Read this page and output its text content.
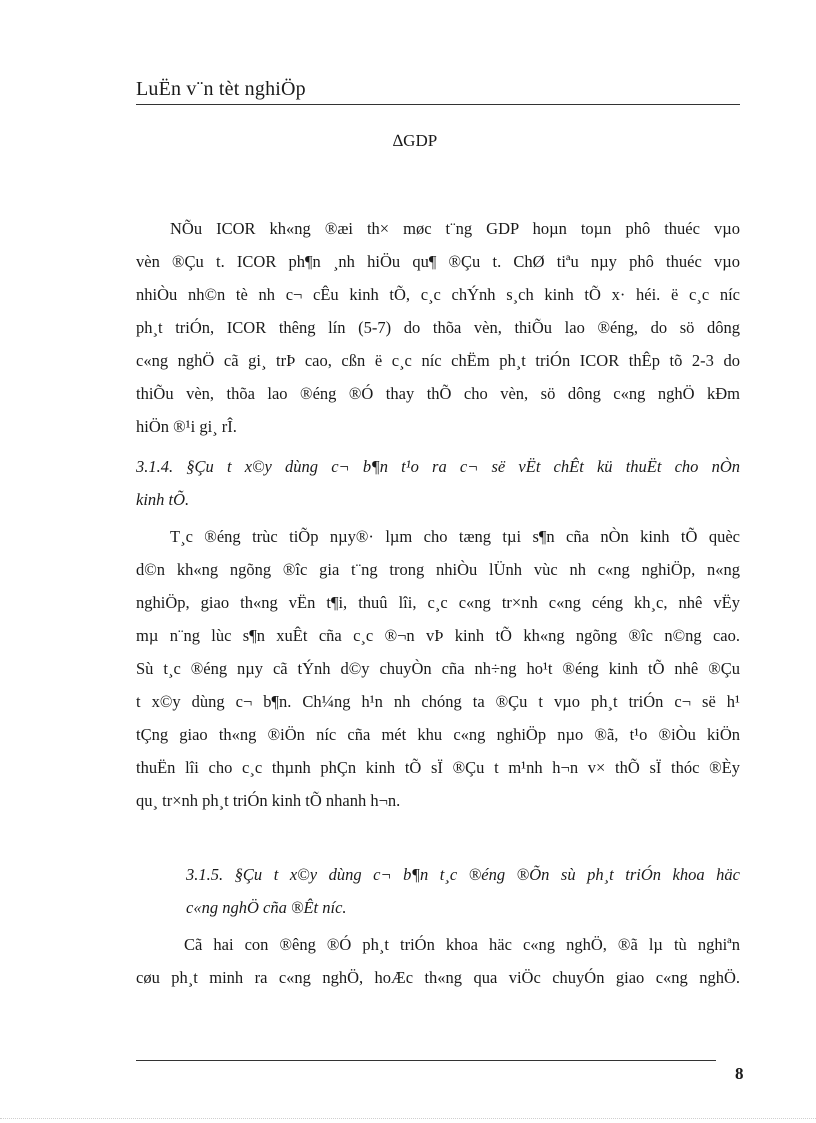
LuËn v¨n tèt nghiÖp
∆GDP
NÕu ICOR kh«ng ®æi th× møc t¨ng GDP hoµn toµn phô thuéc vµo
vèn ®Çu t. ICOR ph¶n ¸nh hiÖu qu¶ ®Çu t. ChØ tiªu nµy phô thuéc vµo
nhiÒu nh©n tè nh c¬ cÊu kinh tÕ, c¸c chÝnh s¸ch kinh tÕ x· héi. ë c¸c níc
ph¸t triÓn, ICOR thêng lín (5-7) do thõa vèn, thiÕu lao ®éng, do sö dông
c«ng nghÖ cã gi¸ trÞ cao, cßn ë c¸c níc chËm ph¸t triÓn ICOR thÊp tõ 2-3 do
thiÕu vèn, thõa lao ®éng ®Ó thay thÕ cho vèn, sö dông c«ng nghÖ kÐm
hiÖn ®¹i gi¸ rÎ.
3.1.4. §Çu t x©y dùng c¬ b¶n t¹o ra c¬ së vËt chÊt kü thuËt cho nÒn
kinh tÕ.
T¸c ®éng trùc tiÕp nµy®· lµm cho tæng tµi s¶n cña nÒn kinh tÕ quèc
d©n kh«ng ngõng ®îc gia t¨ng trong nhiÒu lÜnh vùc nh c«ng nghiÖp, n«ng
nghiÖp, giao th«ng vËn t¶i, thuû lîi, c¸c c«ng tr×nh c«ng céng kh¸c, nhê vËy
mµ n¨ng lùc s¶n xuÊt cña c¸c ®¬n vÞ kinh tÕ kh«ng ngõng ®îc n©ng cao.
Sù t¸c ®éng nµy cã tÝnh d©y chuyÒn cña nh÷ng ho¹t ®éng kinh tÕ nhê ®Çu
t x©y dùng c¬ b¶n. Ch¼ng h¹n nh chóng ta ®Çu t vµo ph¸t triÓn c¬ së h¹
tÇng giao th«ng ®iÖn níc cña mét khu c«ng nghiÖp nµo ®ã, t¹o ®iÒu kiÖn
thuËn lîi cho c¸c thµnh phÇn kinh tÕ sÏ ®Çu t m¹nh h¬n v× thÕ sÏ thóc ®Èy
qu¸ tr×nh ph¸t triÓn kinh tÕ nhanh h¬n.
3.1.5. §Çu t x©y dùng c¬ b¶n t¸c ®éng ®Õn sù ph¸t triÓn khoa häc
c«ng nghÖ cña ®Êt níc.
Cã hai con ®êng ®Ó ph¸t triÓn khoa häc c«ng nghÖ, ®ã lµ tù nghiªn
cøu ph¸t minh ra c«ng nghÖ, hoÆc th«ng qua viÖc chuyÓn giao c«ng nghÖ.
8
